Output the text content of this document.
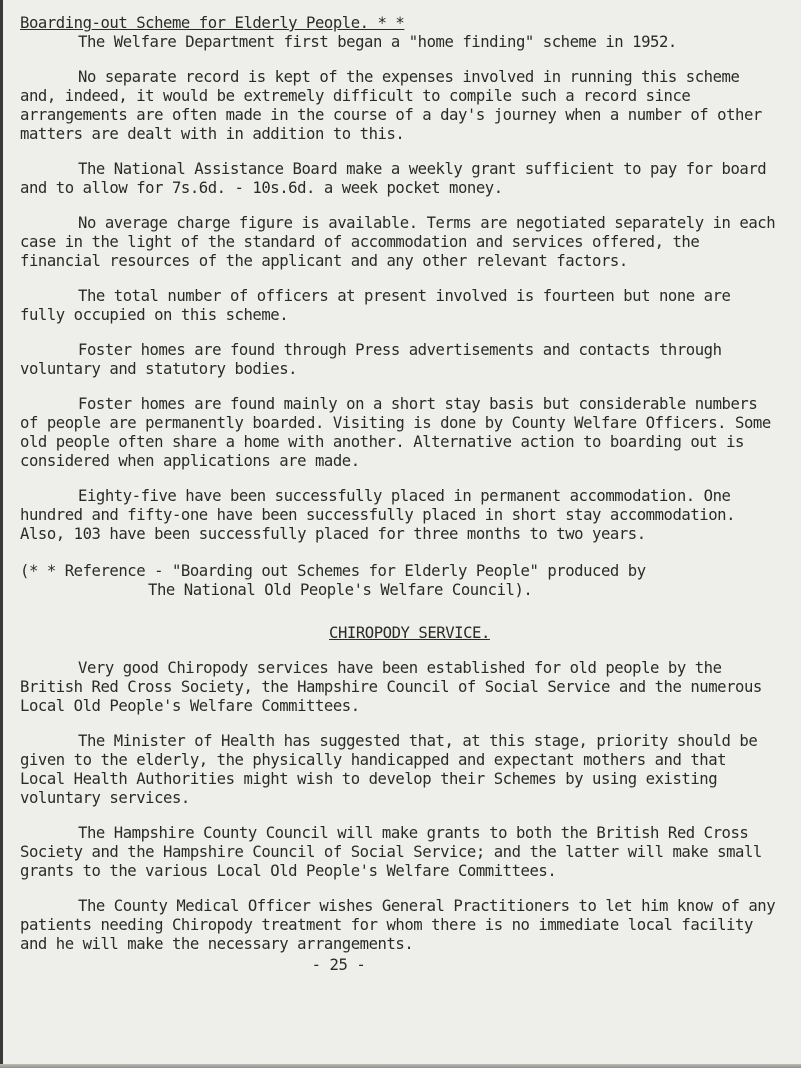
Boarding-out Scheme for Elderly People. * *

The Welfare Department first began a "home finding" scheme in 1952.

No separate record is kept of the expenses involved in running this scheme and, indeed, it would be extremely difficult to compile such a record since arrangements are often made in the course of a day's journey when a number of other matters are dealt with in addition to this.

The National Assistance Board make a weekly grant sufficient to pay for board and to allow for 7s.6d. - 10s.6d. a week pocket money.

No average charge figure is available. Terms are negotiated separately in each case in the light of the standard of accommodation and services offered, the financial resources of the applicant and any other relevant factors.

The total number of officers at present involved is fourteen but none are fully occupied on this scheme.

Foster homes are found through Press advertisements and contacts through voluntary and statutory bodies.

Foster homes are found mainly on a short stay basis but considerable numbers of people are permanently boarded. Visiting is done by County Welfare Officers. Some old people often share a home with another. Alternative action to boarding out is considered when applications are made.

Eighty-five have been successfully placed in permanent accommodation. One hundred and fifty-one have been successfully placed in short stay accommodation. Also, 103 have been successfully placed for three months to two years.

(* * Reference - "Boarding out Schemes for Elderly People" produced by
The National Old People's Welfare Council).

CHIROPODY SERVICE.

Very good Chiropody services have been established for old people by the British Red Cross Society, the Hampshire Council of Social Service and the numerous Local Old People's Welfare Committees.

The Minister of Health has suggested that, at this stage, priority should be given to the elderly, the physically handicapped and expectant mothers and that Local Health Authorities might wish to develop their Schemes by using existing voluntary services.

The Hampshire County Council will make grants to both the British Red Cross Society and the Hampshire Council of Social Service; and the latter will make small grants to the various Local Old People's Welfare Committees.

The County Medical Officer wishes General Practitioners to let him know of any patients needing Chiropody treatment for whom there is no immediate local facility and he will make the necessary arrangements.

- 25 -
